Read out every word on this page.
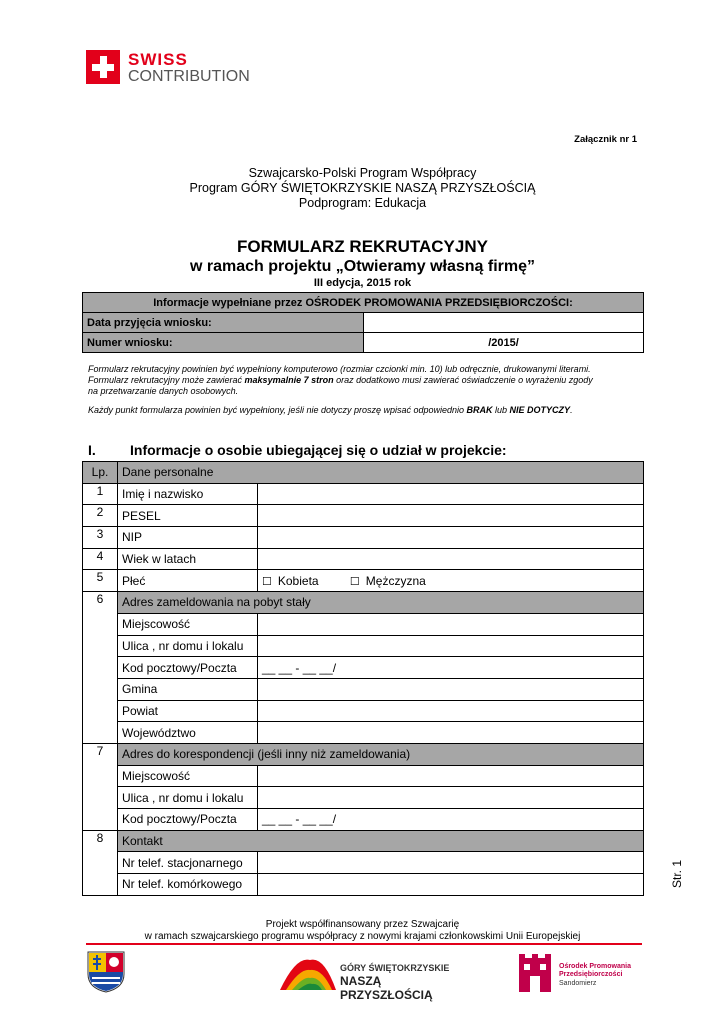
SWISS
CONTRIBUTION
Załącznik nr 1
Szwajcarsko-Polski Program Współpracy
Program GÓRY ŚWIĘTOKRZYSKIE NASZĄ PRZYSZŁOŚCIĄ
Podprogram: Edukacja
FORMULARZ REKRUTACYJNY
w ramach projektu „Otwieramy własną firmę”
III edycja, 2015 rok
Informacje wypełniane przez OŚRODEK PROMOWANIA PRZEDSIĘBIORCZOŚCI:	
Data przyjęcia wniosku:	
Numer wniosku:	/2015/
Formularz rekrutacyjny powinien być wypełniony komputerowo (rozmiar czcionki min. 10) lub odręcznie, drukowanymi literami.
Formularz rekrutacyjny może zawierać maksymalnie 7 stron oraz dodatkowo musi zawierać oświadczenie o wyrażeniu zgody
na przetwarzanie danych osobowych.
Każdy punkt formularza powinien być wypełniony, jeśli nie dotyczy proszę wpisać odpowiednio BRAK lub NIE DOTYCZY.
I. Informacje o osobie ubiegającej się o udział w projekcie:
Lp.	Dane personalne	
1	Imię i nazwisko	
2	PESEL	
3	NIP	
4	Wiek w latach	
5	Płeć	☐ Kobieta ☐ Mężczyzna
6	Adres zameldowania na pobyt stały	
	Miejscowość	
	Ulica , nr domu i lokalu	
	Kod pocztowy/Poczta	__ __ - __ __/
	Gmina	
	Powiat	
	Województwo	
7	Adres do korespondencji (jeśli inny niż zameldowania)	
	Miejscowość	
	Ulica , nr domu i lokalu	
	Kod pocztowy/Poczta	__ __ - __ __/
8	Kontakt	
	Nr telef. stacjonarnego	
	Nr telef. komórkowego		Str. 1
Projekt współfinansowany przez Szwajcarię
w ramach szwajcarskiego programu współpracy z nowymi krajami członkowskimi Unii Europejskiej
GÓRY ŚWIĘTOKRZYSKIE
NASZĄ PRZYSZŁOŚCIĄ
Ośrodek Promowania
Przedsiębiorczości
Sandomierz
